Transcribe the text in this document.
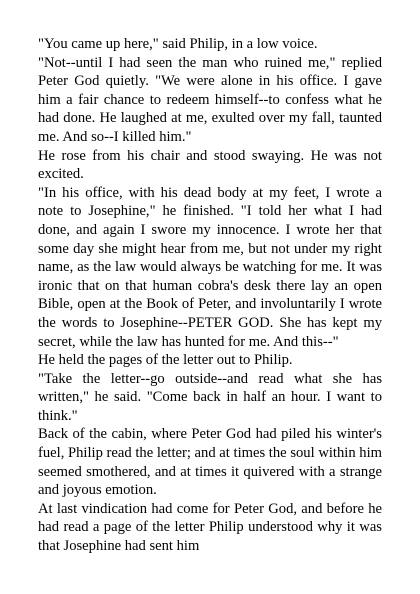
"You came up here," said Philip, in a low voice.

"Not--until I had seen the man who ruined me," replied Peter God quietly. "We were alone in his office. I gave him a fair chance to redeem himself--to confess what he had done. He laughed at me, exulted over my fall, taunted me. And so--I killed him."

He rose from his chair and stood swaying. He was not excited.

"In his office, with his dead body at my feet, I wrote a note to Josephine," he finished. "I told her what I had done, and again I swore my innocence. I wrote her that some day she might hear from me, but not under my right name, as the law would always be watching for me. It was ironic that on that human cobra's desk there lay an open Bible, open at the Book of Peter, and involuntarily I wrote the words to Josephine--PETER GOD. She has kept my secret, while the law has hunted for me. And this--"

He held the pages of the letter out to Philip.

"Take the letter--go outside--and read what she has written," he said. "Come back in half an hour. I want to think."

Back of the cabin, where Peter God had piled his winter's fuel, Philip read the letter; and at times the soul within him seemed smothered, and at times it quivered with a strange and joyous emotion.

At last vindication had come for Peter God, and before he had read a page of the letter Philip understood why it was that Josephine had sent him
